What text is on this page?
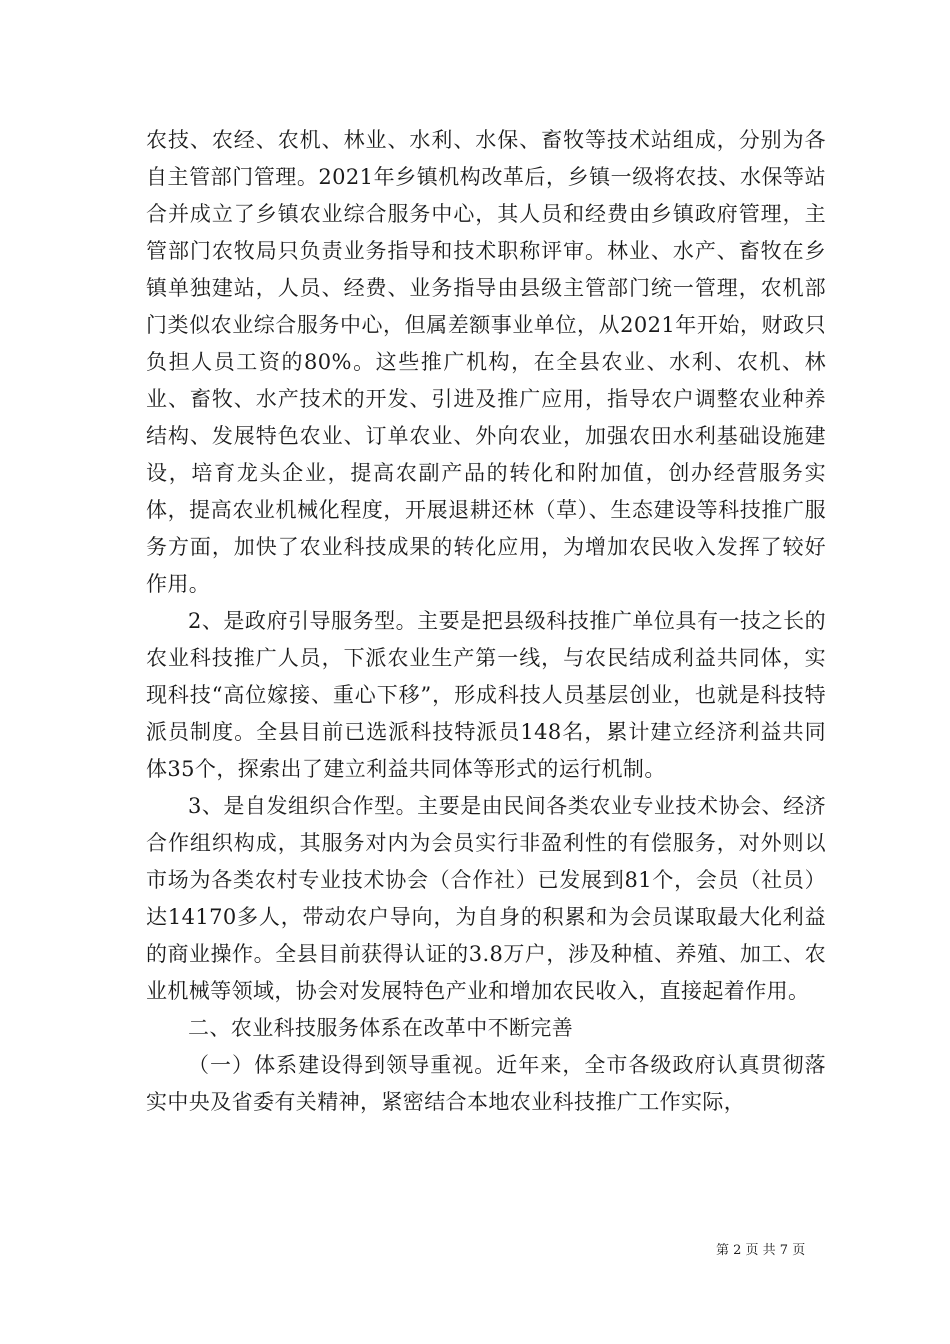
农技、农经、农机、林业、水利、水保、畜牧等技术站组成，分别为各自主管部门管理。2021年乡镇机构改革后，乡镇一级将农技、水保等站合并成立了乡镇农业综合服务中心，其人员和经费由乡镇政府管理，主管部门农牧局只负责业务指导和技术职称评审。林业、水产、畜牧在乡镇单独建站，人员、经费、业务指导由县级主管部门统一管理，农机部门类似农业综合服务中心，但属差额事业单位，从2021年开始，财政只负担人员工资的80%。这些推广机构，在全县农业、水利、农机、林业、畜牧、水产技术的开发、引进及推广应用，指导农户调整农业种养结构、发展特色农业、订单农业、外向农业，加强农田水利基础设施建设，培育龙头企业，提高农副产品的转化和附加值，创办经营服务实体，提高农业机械化程度，开展退耕还林（草）、生态建设等科技推广服务方面，加快了农业科技成果的转化应用，为增加农民收入发挥了较好作用。

2、是政府引导服务型。主要是把县级科技推广单位具有一技之长的农业科技推广人员，下派农业生产第一线，与农民结成利益共同体，实现科技“高位嫁接、重心下移”，形成科技人员基层创业，也就是科技特派员制度。全县目前已选派科技特派员148名，累计建立经济利益共同体35个，探索出了建立利益共同体等形式的运行机制。

3、是自发组织合作型。主要是由民间各类农业专业技术协会、经济合作组织构成，其服务对内为会员实行非盈利性的有偿服务，对外则以市场为各类农村专业技术协会（合作社）已发展到81个，会员（社员）达14170多人，带动农户导向，为自身的积累和为会员谋取最大化利益的商业操作。全县目前获得认证的3.8万户，涉及种植、养殖、加工、农业机械等领域，协会对发展特色产业和增加农民收入，直接起着作用。

二、农业科技服务体系在改革中不断完善

（一）体系建设得到领导重视。近年来，全市各级政府认真贯彻落实中央及省委有关精神，紧密结合本地农业科技推广工作实际，

第 2 页 共 7 页
